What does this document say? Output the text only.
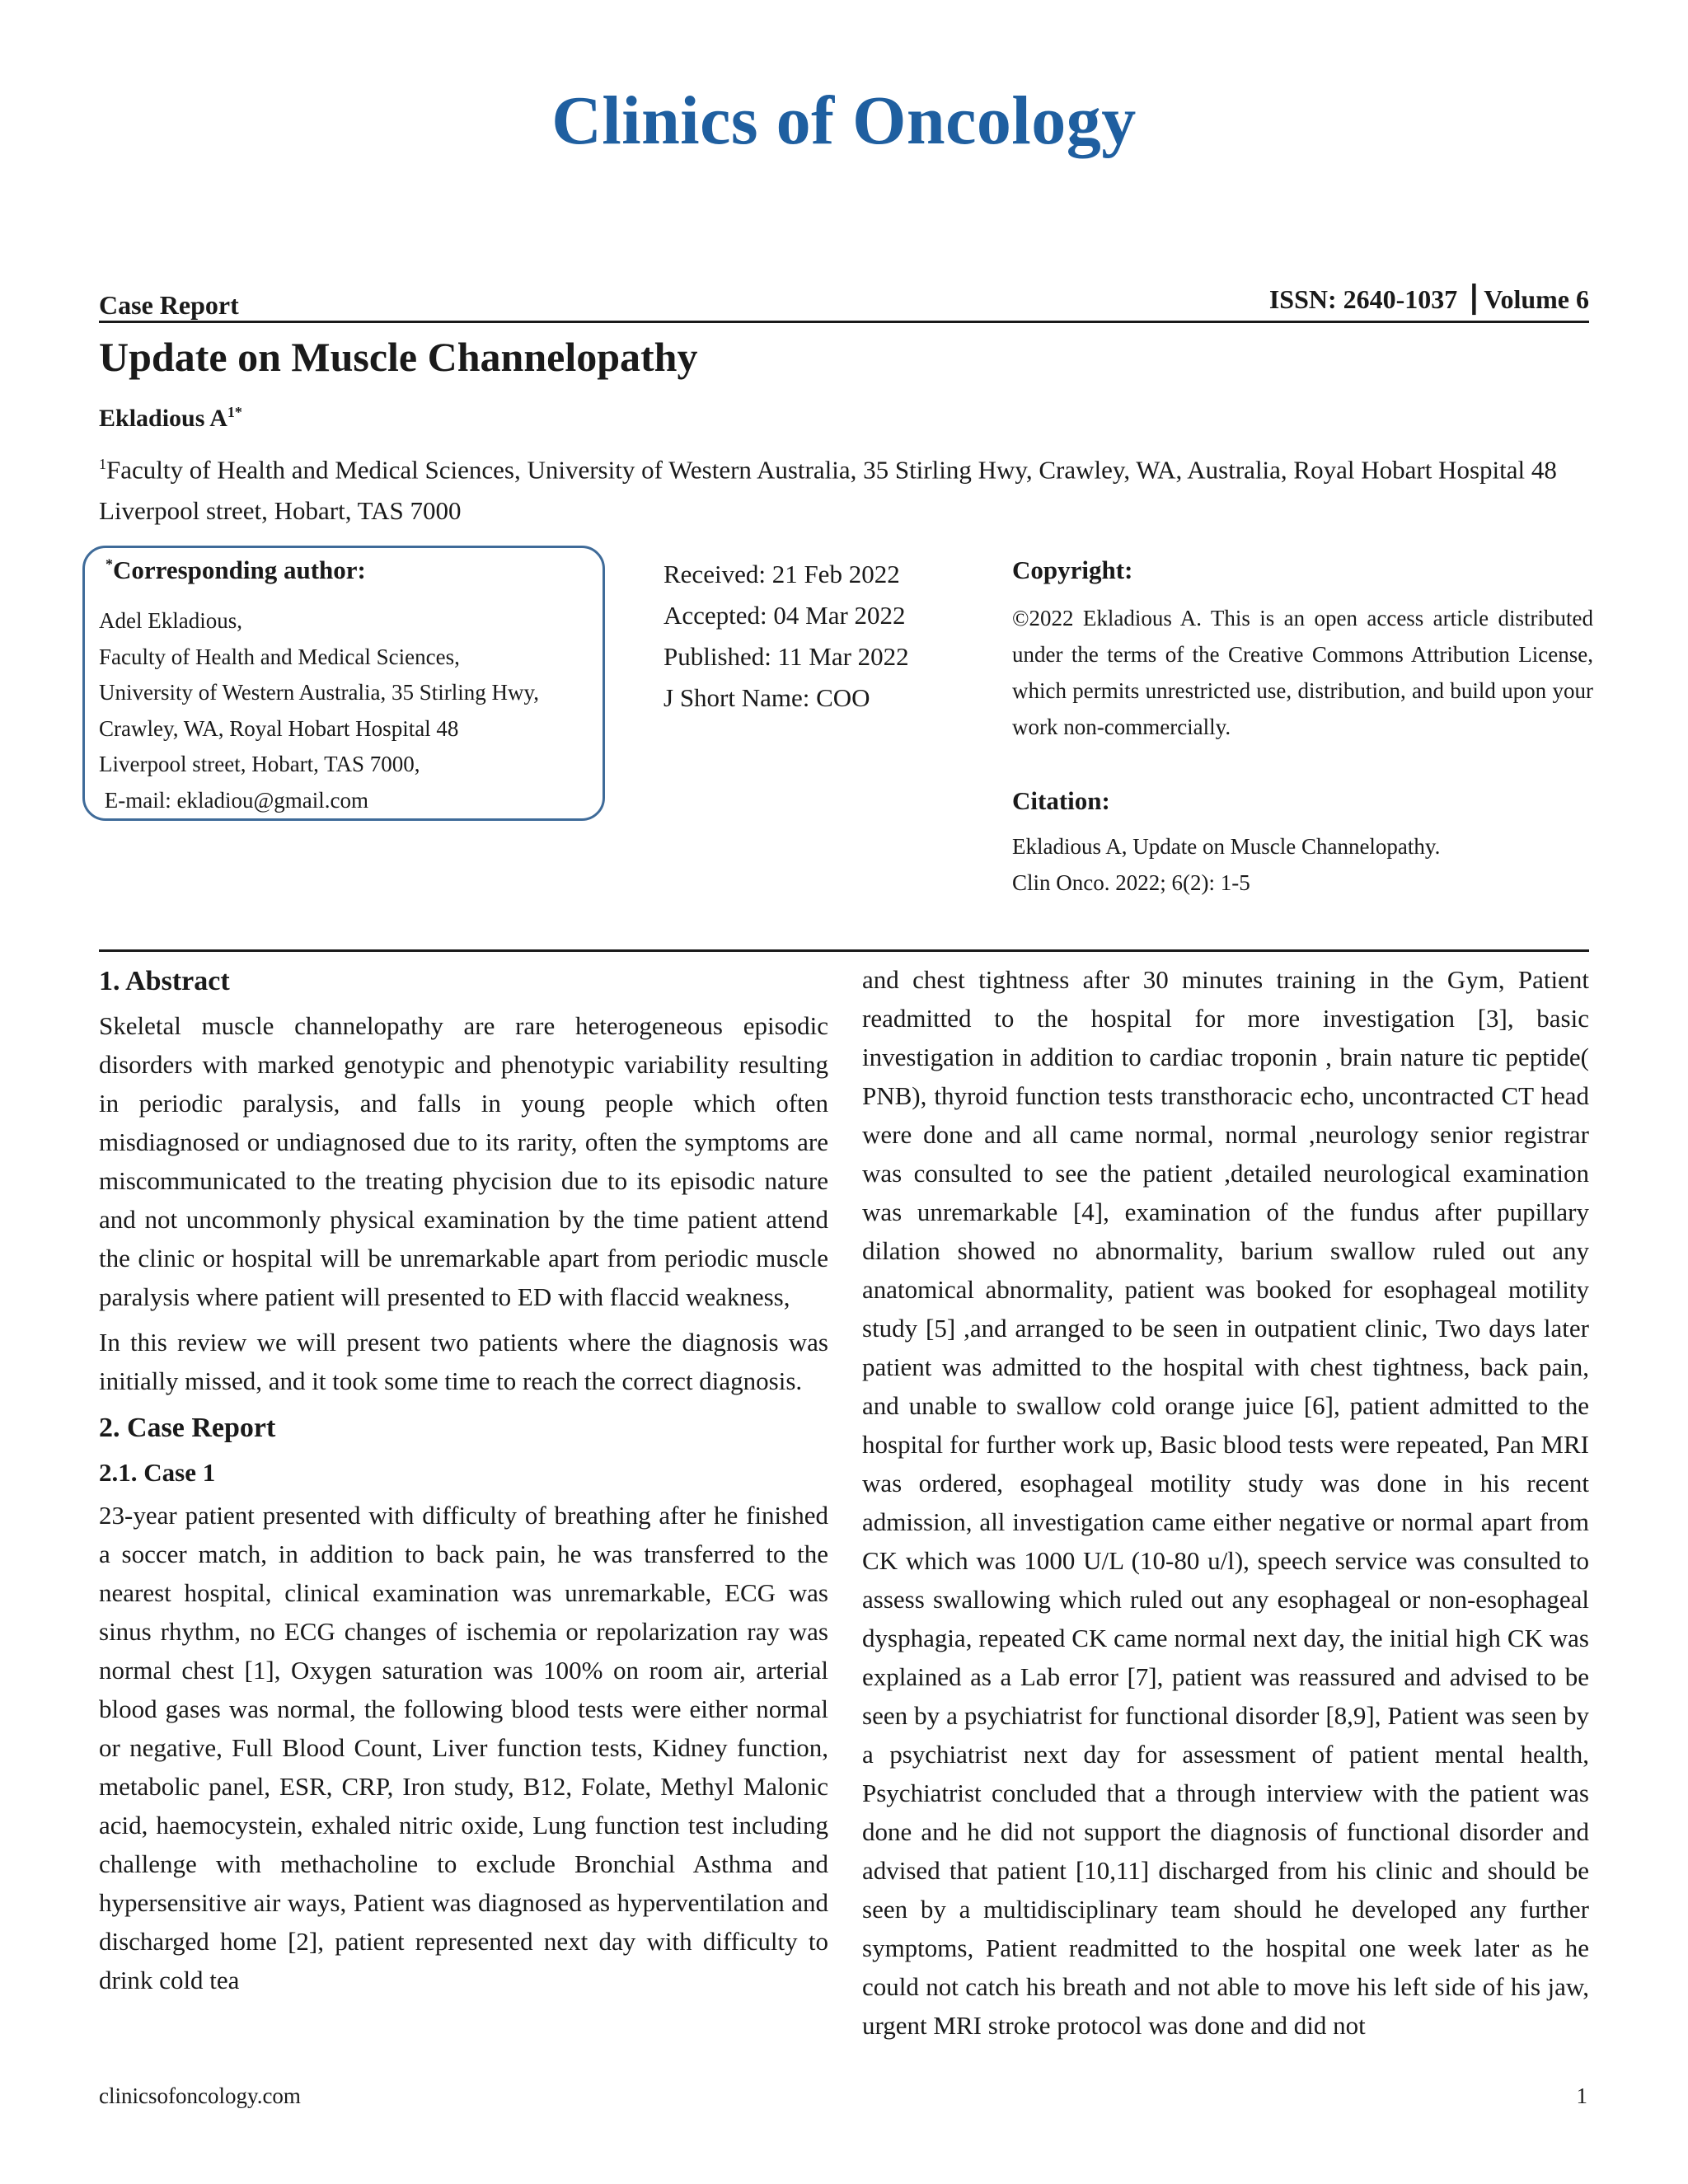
Clinics of Oncology
Case Report	ISSN: 2640-1037 ⎪Volume 6
Update on Muscle Channelopathy
Ekladious $A^{1*}$
$^1$Faculty of Health and Medical Sciences, University of Western Australia, 35 Stirling Hwy, Crawley, WA, Australia, Royal Hobart Hospital 48 Liverpool street, Hobart, TAS 7000
*Corresponding author:
Adel Ekladious,
Faculty of Health and Medical Sciences,
University of Western Australia, 35 Stirling Hwy,
Crawley, WA, Royal Hobart Hospital 48
Liverpool street, Hobart, TAS 7000,
E-mail: ekladiou@gmail.com
Received: 21 Feb 2022
Accepted: 04 Mar 2022
Published: 11 Mar 2022
J Short Name: COO
Copyright:
©2022 Ekladious A. This is an open access article distributed under the terms of the Creative Commons Attribution License, which permits unrestricted use, distribution, and build upon your work non-commercially.
Citation:
Ekladious A, Update on Muscle Channelopathy.
Clin Onco. 2022; 6(2): 1-5
1. Abstract

Skeletal muscle channelopathy are rare heterogeneous episodic disorders with marked genotypic and phenotypic variability resulting in periodic paralysis, and falls in young people which often misdiagnosed or undiagnosed due to its rarity, often the symptoms are miscommunicated to the treating phycision due to its episodic nature and not uncommonly physical examination by the time patient attend the clinic or hospital will be unremarkable apart from periodic muscle paralysis where patient will presented to ED with flaccid weakness,

In this review we will present two patients where the diagnosis was initially missed, and it took some time to reach the correct diagnosis.

2. Case Report
2.1. Case 1

23-year patient presented with difficulty of breathing after he finished a soccer match, in addition to back pain, he was transferred to the nearest hospital, clinical examination was unremarkable, ECG was sinus rhythm, no ECG changes of ischemia or repolarization ray was normal chest [1], Oxygen saturation was 100% on room air, arterial blood gases was normal, the following blood tests were either normal or negative, Full Blood Count, Liver function tests, Kidney function, metabolic panel, ESR, CRP, Iron study, B12, Folate, Methyl Malonic acid, haemocystein, exhaled nitric oxide, Lung function test including challenge with methacholine to exclude Bronchial Asthma and hypersensitive air ways, Patient was diagnosed as hyperventilation and discharged home [2], patient represented next day with difficulty to drink cold tea

and chest tightness after 30 minutes training in the Gym, Patient readmitted to the hospital for more investigation [3], basic investigation in addition to cardiac troponin , brain nature tic peptide( PNB), thyroid function tests transthoracic echo, uncontracted CT head were done and all came normal, normal ,neurology senior registrar was consulted to see the patient ,detailed neurological examination was unremarkable [4], examination of the fundus after pupillary dilation showed no abnormality, barium swallow ruled out any anatomical abnormality, patient was booked for esophageal motility study [5] ,and arranged to be seen in outpatient clinic, Two days later patient was admitted to the hospital with chest tightness, back pain, and unable to swallow cold orange juice [6], patient admitted to the hospital for further work up, Basic blood tests were repeated, Pan MRI was ordered, esophageal motility study was done in his recent admission, all investigation came either negative or normal apart from CK which was 1000 U/L (10-80 u/l), speech service was consulted to assess swallowing which ruled out any esophageal or non-esophageal dysphagia, repeated CK came normal next day, the initial high CK was explained as a Lab error [7], patient was reassured and advised to be seen by a psychiatrist for functional disorder [8,9], Patient was seen by a psychiatrist next day for assessment of patient mental health, Psychiatrist concluded that a through interview with the patient was done and he did not support the diagnosis of functional disorder and advised that patient [10,11] discharged from his clinic and should be seen by a multidisciplinary team should he developed any further symptoms, Patient readmitted to the hospital one week later as he could not catch his breath and not able to move his left side of his jaw, urgent MRI stroke protocol was done and did not

clinicsofoncology.com	1
